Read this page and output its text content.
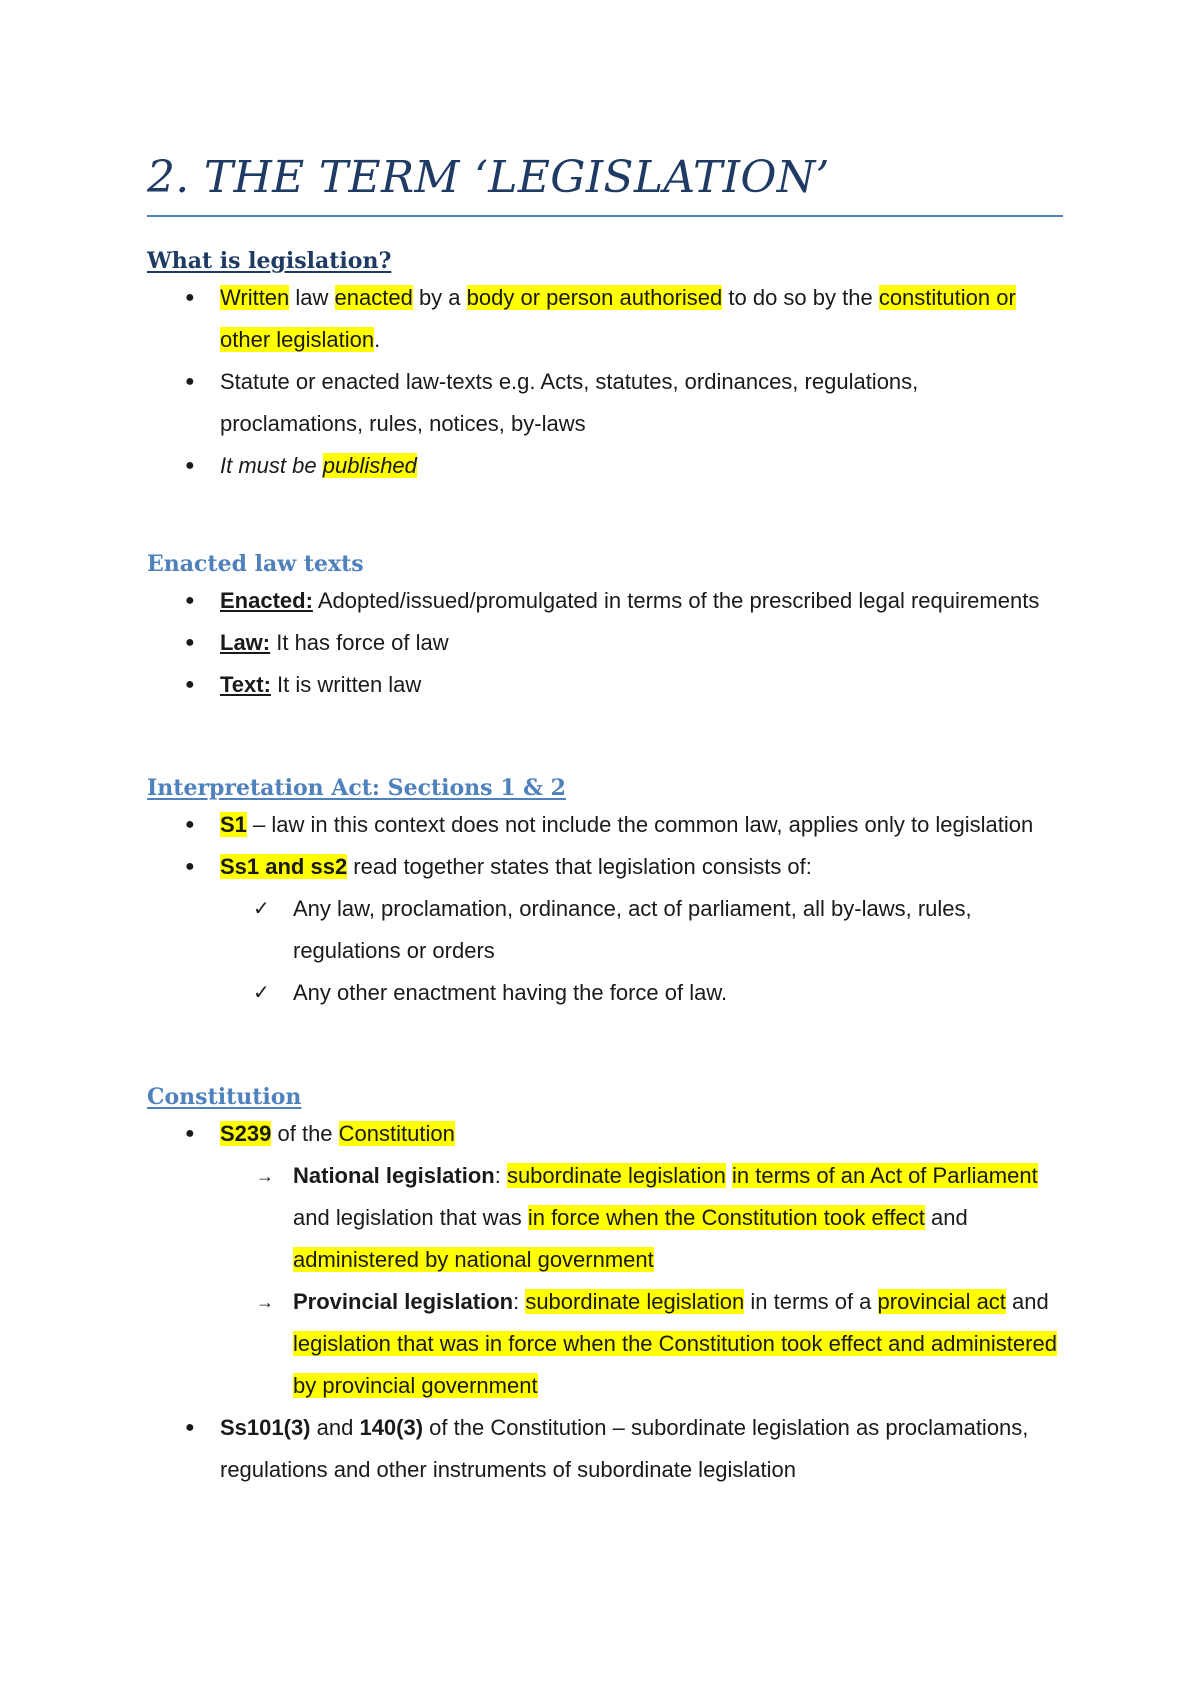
2. THE TERM ‘LEGISLATION’
What is legislation?
● Written law enacted by a body or person authorised to do so by the constitution or other legislation.
● Statute or enacted law-texts e.g. Acts, statutes, ordinances, regulations, proclamations, rules, notices, by-laws
● It must be published
Enacted law texts
● Enacted: Adopted/issued/promulgated in terms of the prescribed legal requirements
● Law: It has force of law
● Text: It is written law
Interpretation Act: Sections 1 & 2
● S1 – law in this context does not include the common law, applies only to legislation
● Ss1 and ss2 read together states that legislation consists of:
✓ Any law, proclamation, ordinance, act of parliament, all by-laws, rules, regulations or orders
✓ Any other enactment having the force of law.
Constitution
● S239 of the Constitution
→ National legislation: subordinate legislation in terms of an Act of Parliament and legislation that was in force when the Constitution took effect and administered by national government
→ Provincial legislation: subordinate legislation in terms of a provincial act and legislation that was in force when the Constitution took effect and administered by provincial government
● Ss101(3) and 140(3) of the Constitution – subordinate legislation as proclamations, regulations and other instruments of subordinate legislation
